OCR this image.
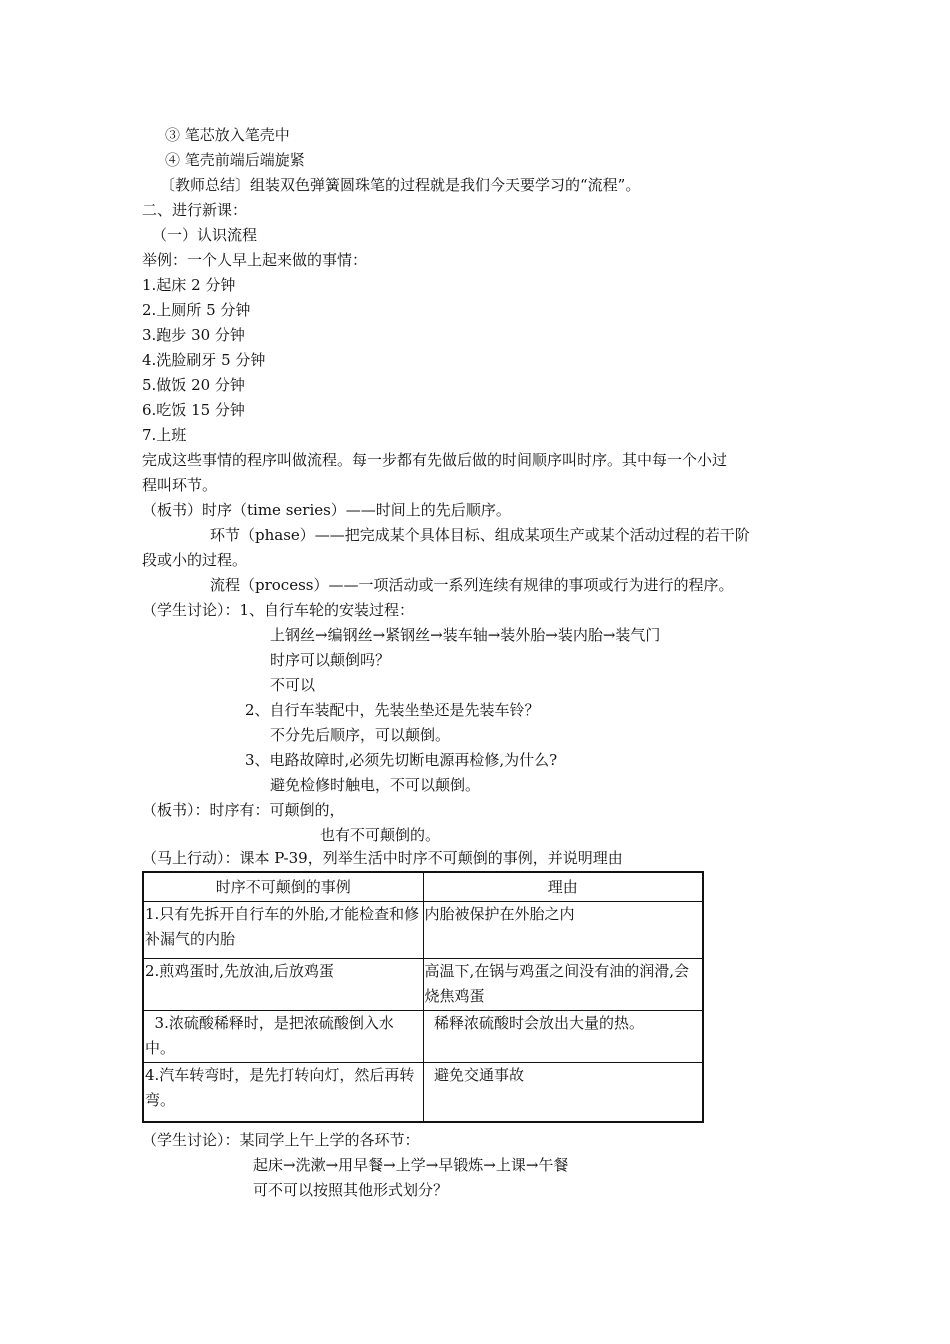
③ 笔芯放入笔壳中
④ 笔壳前端后端旋紧
〔教师总结〕组装双色弹簧圆珠笔的过程就是我们今天要学习的“流程”。
二、进行新课：
（一）认识流程
举例：一个人早上起来做的事情：
1.起床 2 分钟
2.上厕所 5 分钟
3.跑步 30 分钟
4.洗脸刷牙 5 分钟
5.做饭 20 分钟
6.吃饭 15 分钟
7.上班
完成这些事情的程序叫做流程。每一步都有先做后做的时间顺序叫时序。其中每一个小过
程叫环节。
（板书）时序（time series）——时间上的先后顺序。
环节（phase）——把完成某个具体目标、组成某项生产或某个活动过程的若干阶
段或小的过程。
流程（process）——一项活动或一系列连续有规律的事项或行为进行的程序。
（学生讨论）：1、自行车轮的安装过程：
上钢丝→编钢丝→紧钢丝→装车轴→装外胎→装内胎→装气门
时序可以颠倒吗？
不可以
2、自行车装配中，先装坐垫还是先装车铃？
不分先后顺序，可以颠倒。
3、电路故障时,必须先切断电源再检修,为什么?
避免检修时触电，不可以颠倒。
（板书）：时序有：可颠倒的，
也有不可颠倒的。
（马上行动）：课本 P-39，列举生活中时序不可颠倒的事例，并说明理由
时序不可颠倒的事例	理由
1.只有先拆开自行车的外胎,才能检查和修补漏气的内胎	内胎被保护在外胎之内
2.煎鸡蛋时,先放油,后放鸡蛋	高温下,在锅与鸡蛋之间没有油的润滑,会烧焦鸡蛋
3.浓硫酸稀释时，是把浓硫酸倒入水中。	稀释浓硫酸时会放出大量的热。
4.汽车转弯时，是先打转向灯，然后再转弯。	避免交通事故
（学生讨论）：某同学上午上学的各环节：
起床→洗漱→用早餐→上学→早锻炼→上课→午餐
可不可以按照其他形式划分？
